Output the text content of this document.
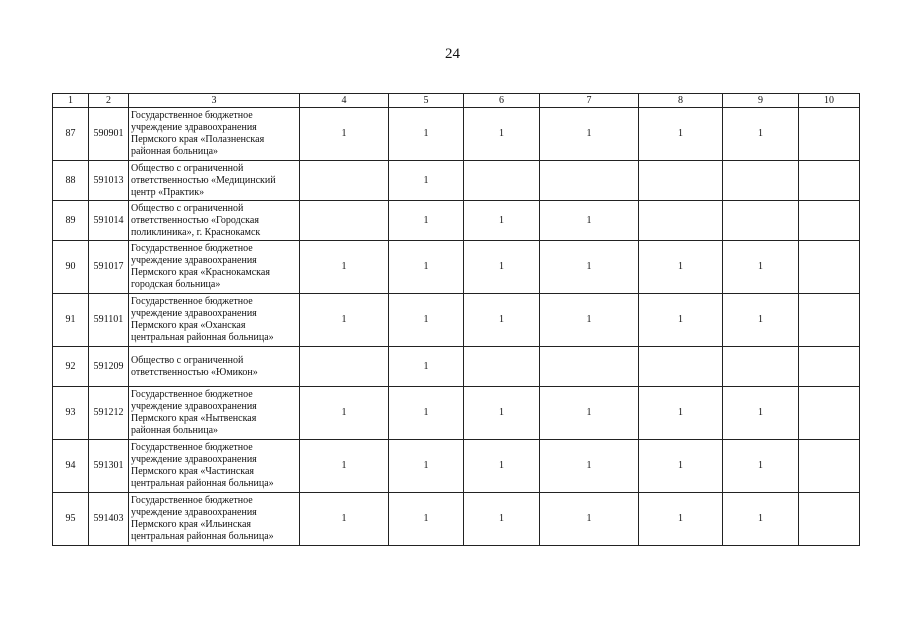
24
1	2	3	4	5	6	7	8	9	10
87	590901	Государственное бюджетное учреждение здравоохранения Пермского края «Полазненская районная больница»	1	1	1	1	1	1	
88	591013	Общество с ограниченной ответственностью «Медицинский центр «Практик»		1					
89	591014	Общество с ограниченной ответственностью «Городская поликлиника», г. Краснокамск		1	1	1			
90	591017	Государственное бюджетное учреждение здравоохранения Пермского края «Краснокамская городская больница»	1	1	1	1	1	1	
91	591101	Государственное бюджетное учреждение здравоохранения Пермского края «Оханская центральная районная больница»	1	1	1	1	1	1	
92	591209	Общество с ограниченной ответственностью «Юмикон»		1					
93	591212	Государственное бюджетное учреждение здравоохранения Пермского края «Нытвенская районная больница»	1	1	1	1	1	1	
94	591301	Государственное бюджетное учреждение здравоохранения Пермского края «Частинская центральная районная больница»	1	1	1	1	1	1	
95	591403	Государственное бюджетное учреждение здравоохранения Пермского края «Ильинская центральная районная больница»	1	1	1	1	1	1	
